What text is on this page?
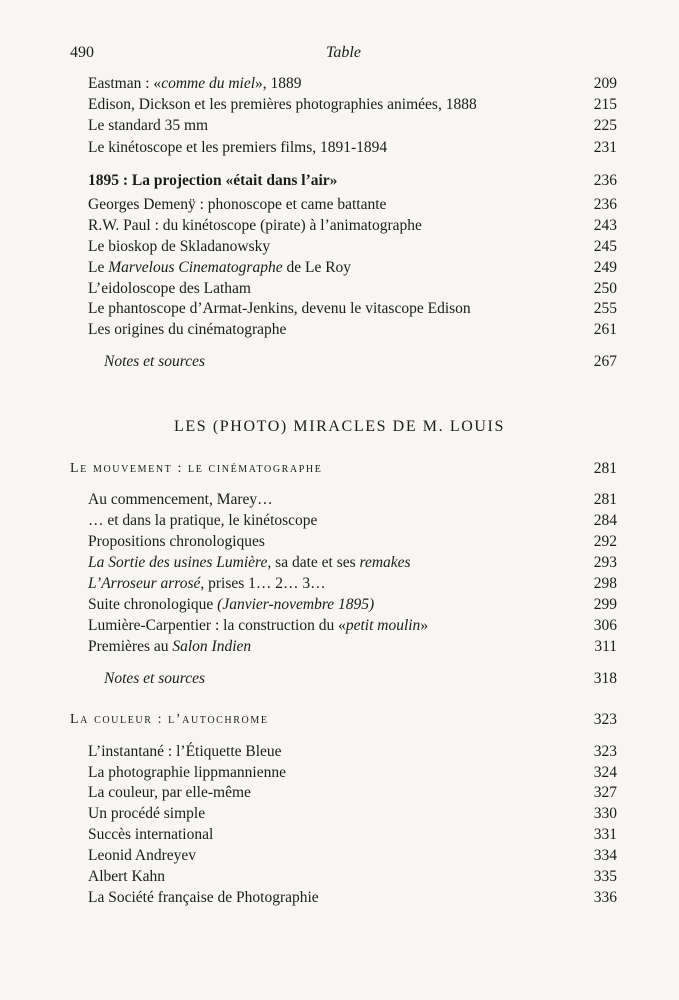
490	Table
LES (PHOTO) MIRACLES DE M. LOUIS
Eastman : «comme du miel», 1889	209
Edison, Dickson et les premières photographies animées, 1888	215
Le standard 35 mm	225
Le kinétoscope et les premiers films, 1891-1894	231
1895 : La projection «était dans l’air»	236
Georges Demenÿ : phonoscope et came battante	236
R.W. Paul : du kinétoscope (pirate) à l’animatographe	243
Le bioskop de Skladanowsky	245
Le Marvelous Cinematographe de Le Roy	249
L’eidoloscope des Latham	250
Le phantoscope d’Armat-Jenkins, devenu le vitascope Edison	255
Les origines du cinématographe	261
Notes et sources	267
Le mouvement : le cinématographe	281
Au commencement, Marey…	281
… et dans la pratique, le kinétoscope	284
Propositions chronologiques	292
La Sortie des usines Lumière, sa date et ses remakes	293
L’Arroseur arrosé, prises 1… 2… 3…	298
Suite chronologique (Janvier-novembre 1895)	299
Lumière-Carpentier : la construction du «petit moulin»	306
Premières au Salon Indien	311
Notes et sources	318
La couleur : l’autochrome	323
L’instantané : l’Étiquette Bleue	323
La photographie lippmannienne	324
La couleur, par elle-même	327
Un procédé simple	330
Succès international	331
Leonid Andreyev	334
Albert Kahn	335
La Société française de Photographie	336
